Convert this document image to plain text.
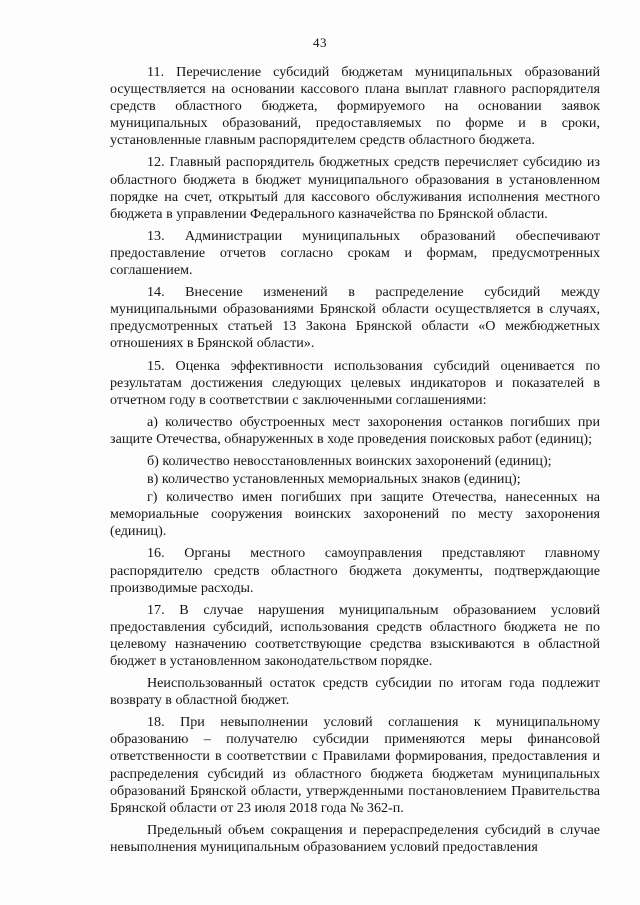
43

11. Перечисление субсидий бюджетам муниципальных образований осуществляется на основании кассового плана выплат главного распорядителя средств областного бюджета, формируемого на основании заявок муниципальных образований, предоставляемых по форме и в сроки, установленные главным распорядителем средств областного бюджета.

12. Главный распорядитель бюджетных средств перечисляет субсидию из областного бюджета в бюджет муниципального образования в установленном порядке на счет, открытый для кассового обслуживания исполнения местного бюджета в управлении Федерального казначейства по Брянской области.

13. Администрации муниципальных образований обеспечивают предоставление отчетов согласно срокам и формам, предусмотренных соглашением.

14. Внесение изменений в распределение субсидий между муниципальными образованиями Брянской области осуществляется в случаях, предусмотренных статьей 13 Закона Брянской области «О межбюджетных отношениях в Брянской области».

15. Оценка эффективности использования субсидий оценивается по результатам достижения следующих целевых индикаторов и показателей в отчетном году в соответствии с заключенными соглашениями:

а) количество обустроенных мест захоронения останков погибших при защите Отечества, обнаруженных в ходе проведения поисковых работ (единиц);

б) количество невосстановленных воинских захоронений (единиц);

в) количество установленных мемориальных знаков (единиц);

г) количество имен погибших при защите Отечества, нанесенных на мемориальные сооружения воинских захоронений по месту захоронения (единиц).

16. Органы местного самоуправления представляют главному распорядителю средств областного бюджета документы, подтверждающие производимые расходы.

17. В случае нарушения муниципальным образованием условий предоставления субсидий, использования средств областного бюджета не по целевому назначению соответствующие средства взыскиваются в областной бюджет в установленном законодательством порядке.

Неиспользованный остаток средств субсидии по итогам года подлежит возврату в областной бюджет.

18. При невыполнении условий соглашения к муниципальному образованию – получателю субсидии применяются меры финансовой ответственности в соответствии с Правилами формирования, предоставления и распределения субсидий из областного бюджета бюджетам муниципальных образований Брянской области, утвержденными постановлением Правительства Брянской области от 23 июля 2018 года № 362-п.

Предельный объем сокращения и перераспределения субсидий в случае невыполнения муниципальным образованием условий предоставления
